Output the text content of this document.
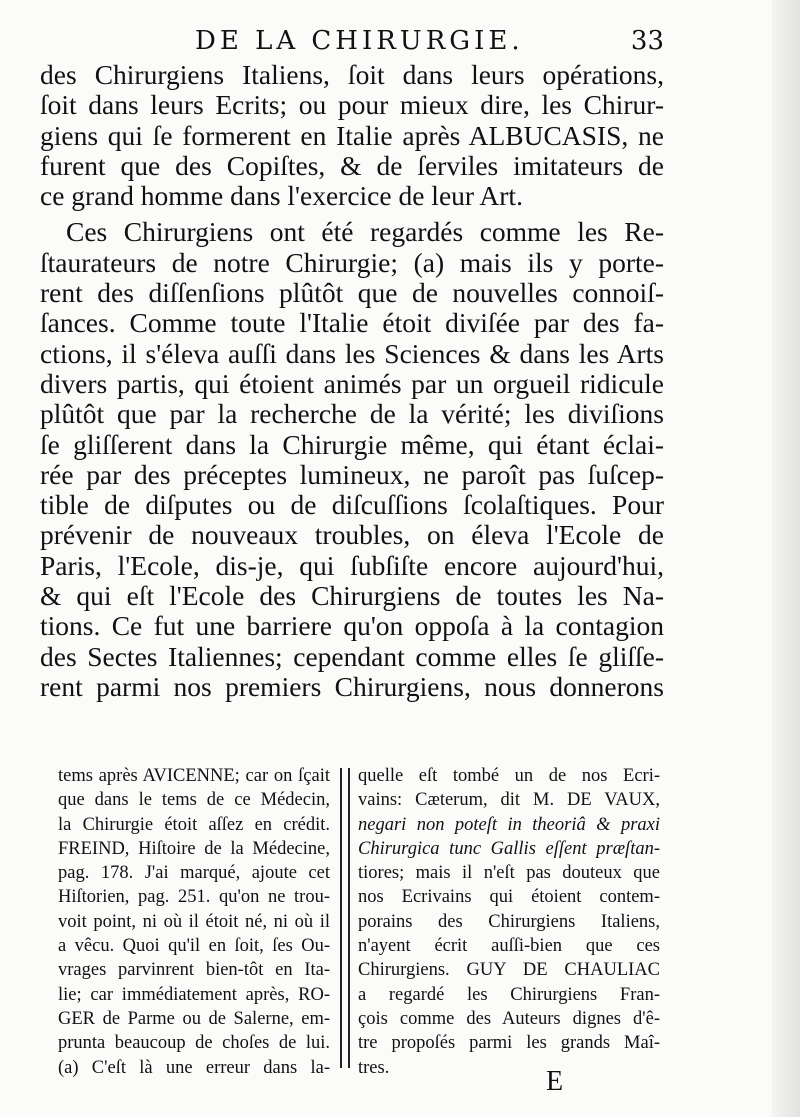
DE LA CHIRURGIE.	33
des Chirurgiens Italiens, ſoit dans leurs opérations,
ſoit dans leurs Ecrits; ou pour mieux dire, les Chirur-
giens qui ſe formerent en Italie après ALBUCASIS, ne
furent que des Copiſtes, & de ſerviles imitateurs de
ce grand homme dans l'exercice de leur Art.
Ces Chirurgiens ont été regardés comme les Re-
ſtaurateurs de notre Chirurgie; (a) mais ils y porte-
rent des diſſenſions plûtôt que de nouvelles connoiſ-
ſances. Comme toute l'Italie étoit diviſée par des fa-
ctions, il s'éleva auſſi dans les Sciences & dans les Arts
divers partis, qui étoient animés par un orgueil ridicule
plûtôt que par la recherche de la vérité; les diviſions
ſe gliſſerent dans la Chirurgie même, qui étant éclai-
rée par des préceptes lumineux, ne paroît pas ſuſcep-
tible de diſputes ou de diſcuſſions ſcolaſtiques. Pour
prévenir de nouveaux troubles, on éleva l'Ecole de
Paris, l'Ecole, dis-je, qui ſubſiſte encore aujourd'hui,
& qui eſt l'Ecole des Chirurgiens de toutes les Na-
tions. Ce fut une barriere qu'on oppoſa à la contagion
des Sectes Italiennes; cependant comme elles ſe gliſſe-
rent parmi nos premiers Chirurgiens, nous donnerons
tems après AVICENNE; car on ſçait
que dans le tems de ce Médecin,
la Chirurgie étoit aſſez en crédit.
FREIND, Hiſtoire de la Médecine,
pag. 178. J'ai marqué, ajoute cet
Hiſtorien, pag. 251. qu'on ne trou-
voit point, ni où il étoit né, ni où il
a vêcu. Quoi qu'il en ſoit, ſes Ou-
vrages parvinrent bien-tôt en Ita-
lie; car immédiatement après, RO-
GER de Parme ou de Salerne, em-
prunta beaucoup de choſes de lui.
(a) C'eſt là une erreur dans la-
quelle eſt tombé un de nos Ecri-
vains: Cæterum, dit M. DE VAUX,
negari non poteſt in theoriâ & praxi
Chirurgica tunc Gallis eſſent præſtan-
tiores; mais il n'eſt pas douteux que
nos Ecrivains qui étoient contem-
porains des Chirurgiens Italiens,
n'ayent écrit auſſi-bien que ces
Chirurgiens. GUY DE CHAULIAC
a regardé les Chirurgiens Fran-
çois comme des Auteurs dignes d'ê-
tre propoſés parmi les grands Maî-
tres.	E
